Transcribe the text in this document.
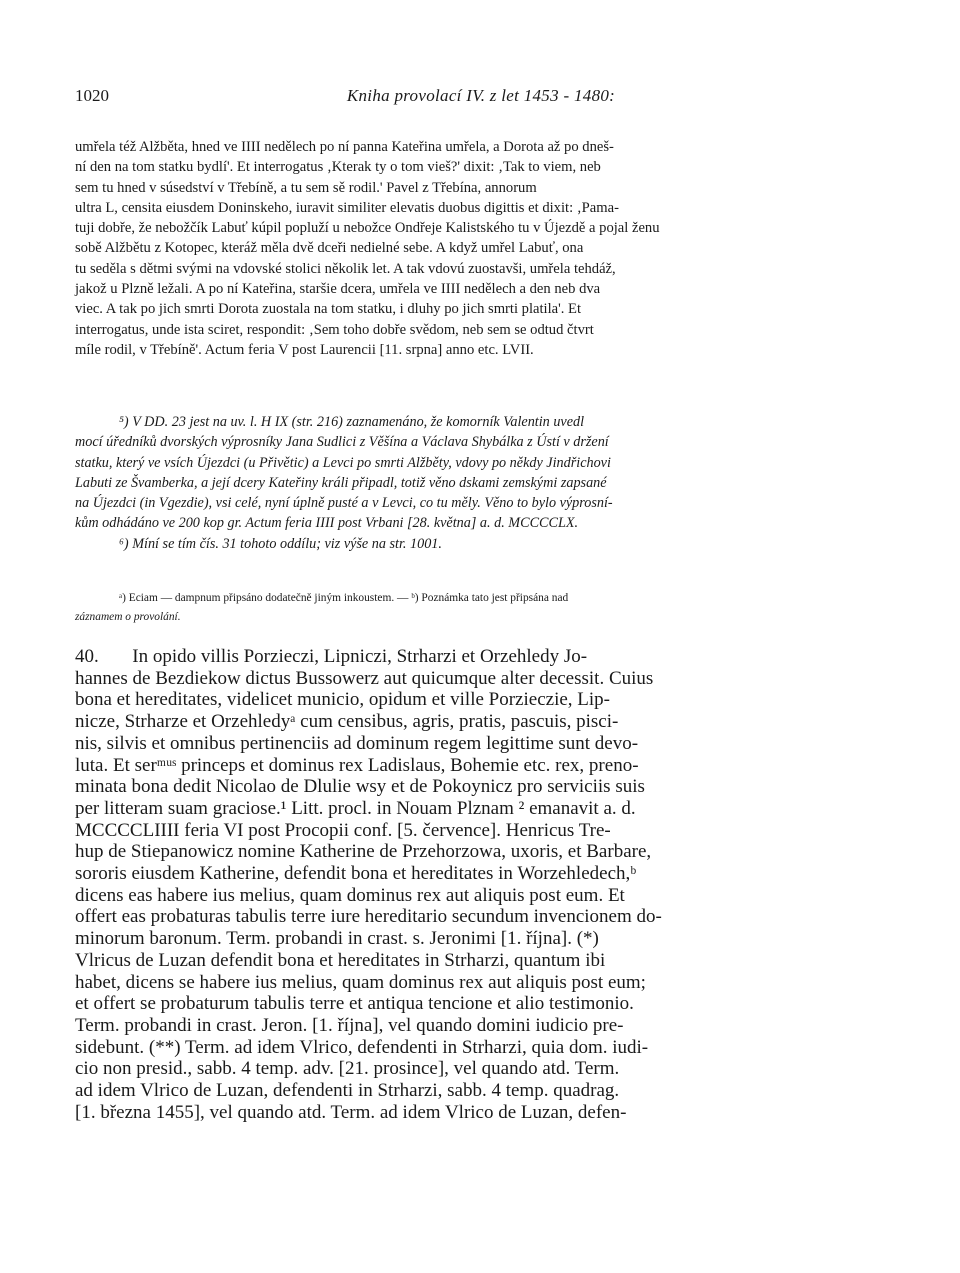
1020	Kniha provolací IV. z let 1453 - 1480:
umřela též Alžběta, hned ve IIII nedělech po ní panna Kateřina umřela, a Dorota až po dneš-
ní den na tom statku bydlí'. Et interrogatus ‚Kterak ty o tom vieš?' dixit: ‚Tak to viem, neb
sem tu hned v súsedství v Třebíně, a tu sem sě rodil.' Pavel z Třebína, annorum
ultra L, censita eiusdem Doninskeho, iuravit similiter elevatis duobus digittis et dixit: ‚Pama-
tuji dobře, že nebožčík Labuť kúpil popluží u nebožce Ondřeje Kalistského tu v Újezdě a pojal ženu
sobě Alžbětu z Kotopec, kteráž měla dvě dceři nedielné sebe. A když umřel Labuť, ona
tu seděla s dětmi svými na vdovské stolici několik let. A tak vdovú zuostavši, umřela tehdáž,
jakož u Plzně ležali. A po ní Kateřina, staršie dcera, umřela ve IIII nedělech a den neb dva
viec. A tak po jich smrti Dorota zuostala na tom statku, i dluhy po jich smrti platila'. Et
interrogatus, unde ista sciret, respondit: ‚Sem toho dobře svědom, neb sem se odtud čtvrt
míle rodil, v Třebíně'. Actum feria V post Laurencii [11. srpna] anno etc. LVII.
⁵) V DD. 23 jest na uv. l. H IX (str. 216) zaznamenáno, že komorník Valentin uvedl
mocí úředníků dvorských výprosníky Jana Sudlici z Věšína a Václava Shybálka z Ústí v držení
statku, který ve vsích Újezdci (u Přivětic) a Levci po smrti Alžběty, vdovy po někdy Jindřichovi
Labuti ze Švamberka, a její dcery Kateřiny králi připadl, totiž věno dskami zemskými zapsané
na Újezdci (in Vgezdie), vsi celé, nyní úplně pusté a v Levci, co tu měly. Věno to bylo výprosní-
kům odhádáno ve 200 kop gr. Actum feria IIII post Vrbani [28. května] a. d. MCCCCLX.
⁶) Míní se tím čís. 31 tohoto oddílu; viz výše na str. 1001.
ᵃ) Eciam — dampnum připsáno dodatečně jiným inkoustem. — ᵇ) Poznámka tato jest připsána nad
záznamem o provolání.
40. In opido villis Porzieczi, Lipniczi, Strharzi et Orzehledy Jo-
hannes de Bezdiekow dictus Bussowerz aut quicumque alter decessit. Cuius
bona et hereditates, videlicet municio, opidum et ville Porzieczie, Lip-
nicze, Strharze et Orzehledyᵃ cum censibus, agris, pratis, pascuis, pisci-
nis, silvis et omnibus pertinenciis ad dominum regem legittime sunt devo-
luta. Et serᵐᵘˢ princeps et dominus rex Ladislaus, Bohemie etc. rex, preno-
minata bona dedit Nicolao de Dlulie wsy et de Pokoynicz pro serviciis suis
per litteram suam graciose.¹ Litt. procl. in Nouam Plznam ² emanavit a. d.
MCCCCLIIII feria VI post Procopii conf. [5. července]. Henricus Tre-
hup de Stiepanowicz nomine Katherine de Przehorzowa, uxoris, et Barbare,
sororis eiusdem Katherine, defendit bona et hereditates in Worzehledech,ᵇ
dicens eas habere ius melius, quam dominus rex aut aliquis post eum. Et
offert eas probaturas tabulis terre iure hereditario secundum invencionem do-
minorum baronum. Term. probandi in crast. s. Jeronimi [1. října]. (*)
Vlricus de Luzan defendit bona et hereditates in Strharzi, quantum ibi
habet, dicens se habere ius melius, quam dominus rex aut aliquis post eum;
et offert se probaturum tabulis terre et antiqua tencione et alio testimonio.
Term. probandi in crast. Jeron. [1. října], vel quando domini iudicio pre-
sidebunt. (**) Term. ad idem Vlrico, defendenti in Strharzi, quia dom. iudi-
cio non presid., sabb. 4 temp. adv. [21. prosince], vel quando atd. Term.
ad idem Vlrico de Luzan, defendenti in Strharzi, sabb. 4 temp. quadrag.
[1. března 1455], vel quando atd. Term. ad idem Vlrico de Luzan, defen-
